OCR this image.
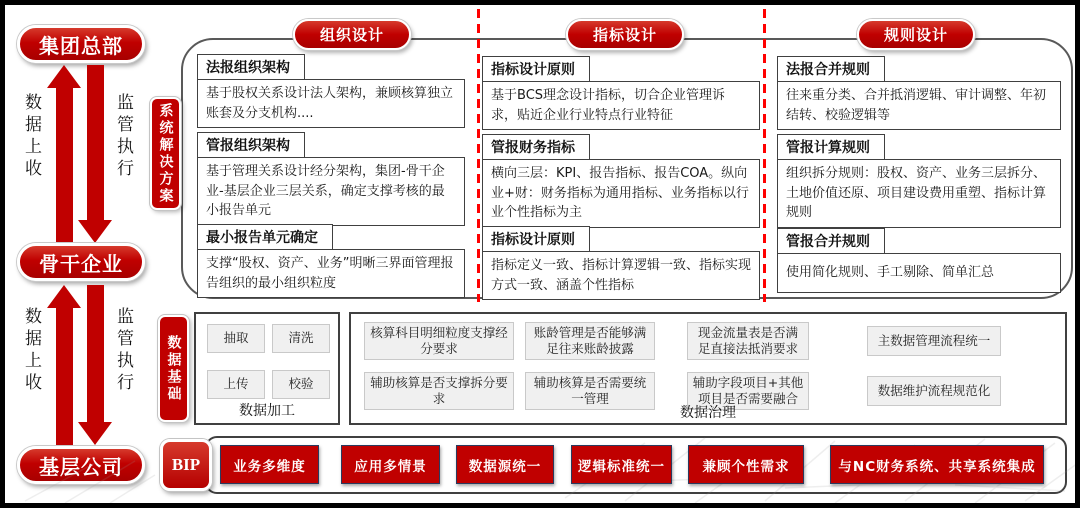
集团总部
数据上收	监管执行
骨干企业
数据上收	监管执行
基层公司
系统解决方案
组织设计	指标设计	规则设计
法报组织架构
基于股权关系设计法人架构，兼顾核算独立账套及分支机构....
管报组织架构
基于管理关系设计经分架构，集团-骨干企业-基层企业三层关系，确定支撑考核的最小报告单元
最小报告单元确定
支撑“股权、资产、业务”明晰三界面管理报告组织的最小组织粒度
指标设计原则
基于BCS理念设计指标，切合企业管理诉求，贴近企业行业特点行业特征
管报财务指标
横向三层：KPI、报告指标、报告COA。纵向业+财：财务指标为通用指标、业务指标以行业个性指标为主
指标设计原则
指标定义一致、指标计算逻辑一致、指标实现方式一致、涵盖个性指标
法报合并规则
往来重分类、合并抵消逻辑、审计调整、年初结转、校验逻辑等
管报计算规则
组织拆分规则：股权、资产、业务三层拆分、土地价值还原、项目建设费用重塑、指标计算规则
管报合并规则
使用简化规则、手工剔除、简单汇总
数据基础	抽取	清洗
上传	校验
数据加工
核算科目明细粒度支撑经分要求
账龄管理是否能够满足往来账龄披露
现金流量表是否满足直接法抵消要求
主数据管理流程统一
辅助核算是否支撑拆分要求
辅助核算是否需要统一管理
辅助字段项目+其他项目是否需要融合
数据维护流程规范化
数据治理
BIP	业务多维度	应用多情景	数据源统一	逻辑标准统一	兼顾个性需求	与NC财务系统、共享系统集成
